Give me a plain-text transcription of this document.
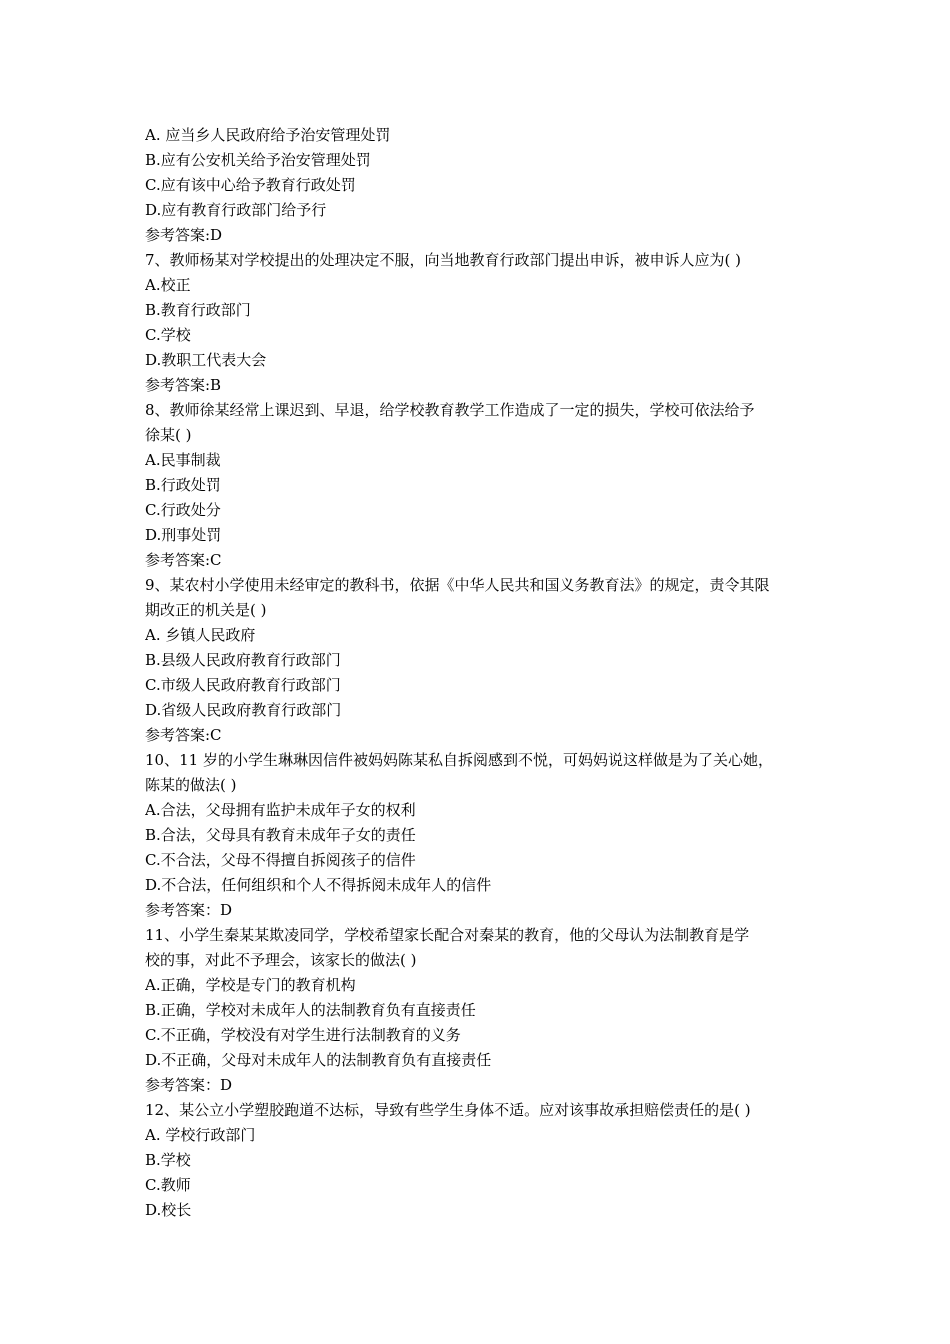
A. 应当乡人民政府给予治安管理处罚
B.应有公安机关给予治安管理处罚
C.应有该中心给予教育行政处罚
D.应有教育行政部门给予行
参考答案:D
7、教师杨某对学校提出的处理决定不服，向当地教育行政部门提出申诉，被申诉人应为( )
A.校正
B.教育行政部门
C.学校
D.教职工代表大会
参考答案:B
8、教师徐某经常上课迟到、早退，给学校教育教学工作造成了一定的损失，学校可依法给予
徐某( )
A.民事制裁
B.行政处罚
C.行政处分
D.刑事处罚
参考答案:C
9、某农村小学使用未经审定的教科书，依据《中华人民共和国义务教育法》的规定，责令其限
期改正的机关是( )
A. 乡镇人民政府
B.县级人民政府教育行政部门
C.市级人民政府教育行政部门
D.省级人民政府教育行政部门
参考答案:C
10、11 岁的小学生琳琳因信件被妈妈陈某私自拆阅感到不悦，可妈妈说这样做是为了关心她，
陈某的做法( )
A.合法，父母拥有监护未成年子女的权利
B.合法，父母具有教育未成年子女的责任
C.不合法，父母不得擅自拆阅孩子的信件
D.不合法，任何组织和个人不得拆阅未成年人的信件
参考答案：D
11、小学生秦某某欺凌同学，学校希望家长配合对秦某的教育，他的父母认为法制教育是学
校的事，对此不予理会，该家长的做法( )
A.正确，学校是专门的教育机构
B.正确，学校对未成年人的法制教育负有直接责任
C.不正确，学校没有对学生进行法制教育的义务
D.不正确，父母对未成年人的法制教育负有直接责任
参考答案：D
12、某公立小学塑胶跑道不达标，导致有些学生身体不适。应对该事故承担赔偿责任的是( )
A. 学校行政部门
B.学校
C.教师
D.校长
